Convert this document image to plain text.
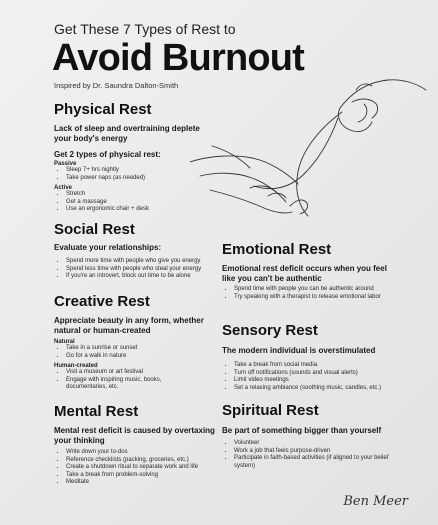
Get These 7 Types of Rest to
Avoid Burnout
Inspired by Dr. Saundra Dalton-Smith
Physical Rest
Lack of sleep and overtraining deplete your body's energy
Get 2 types of physical rest:
Passive
• Sleep 7+ hrs nightly
• Take power naps (as needed)
Active
• Stretch
• Get a massage
• Use an ergonomic chair + desk
Social Rest
Evaluate your relationships:
• Spend more time with people who give you energy
• Spend less time with people who steal your energy
• If you're an introvert, block out time to be alone
Creative Rest
Appreciate beauty in any form, whether natural or human-created
Natural
• Take in a sunrise or sunset
• Go for a walk in nature
Human-created
• Visit a museum or art festival
• Engage with inspiring music, books, documentaries, etc.
Mental Rest
Mental rest deficit is caused by overtaxing your thinking
• Write down your to-dos
• Reference checklists (packing, groceries, etc.)
• Create a shutdown ritual to separate work and life
• Take a break from problem-solving
• Meditate
Emotional Rest
Emotional rest deficit occurs when you feel like you can't be authentic
• Spend time with people you can be authentic around
• Try speaking with a therapist to release emotional labor
Sensory Rest
The modern individual is overstimulated
• Take a break from social media
• Turn off notifications (sounds and visual alerts)
• Limit video meetings
• Set a relaxing ambiance (soothing music, candles, etc.)
Spiritual Rest
Be part of something bigger than yourself
• Volunteer
• Work a job that feels purpose-driven
• Participate in faith-based activities (if aligned to your belief system)
Ben Meer
